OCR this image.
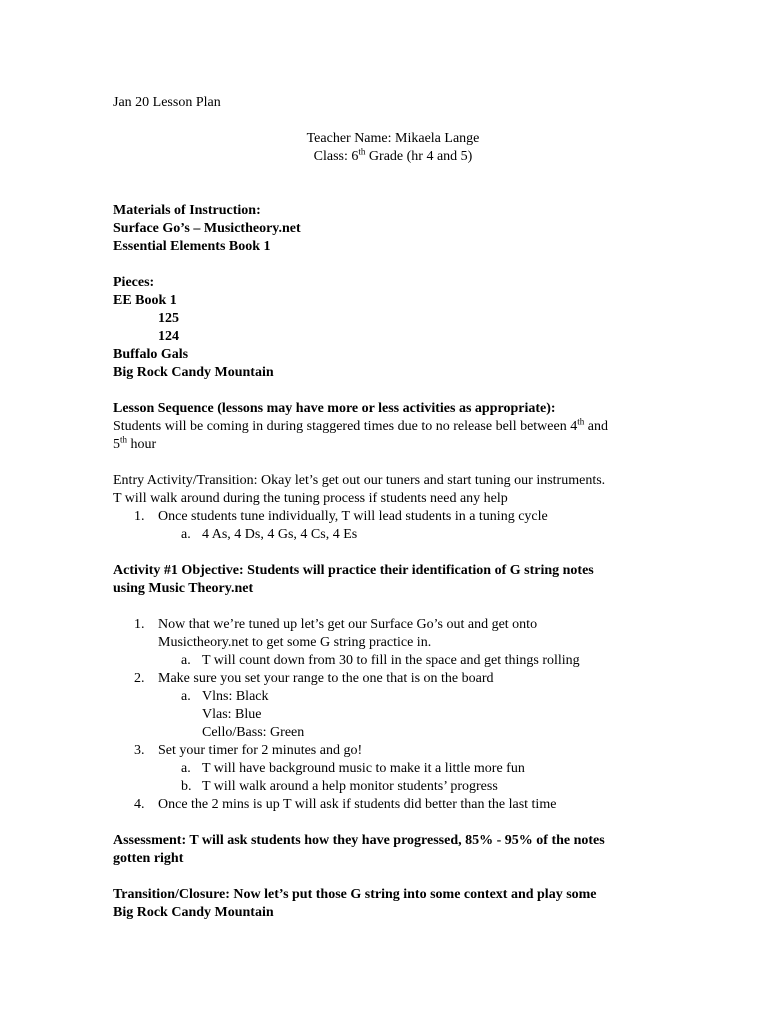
Jan 20 Lesson Plan
Teacher Name: Mikaela Lange
Class: 6th Grade (hr 4 and 5)
Materials of Instruction:
Surface Go’s – Musictheory.net
Essential Elements Book 1
Pieces:
EE Book 1
125
124
Buffalo Gals
Big Rock Candy Mountain
Lesson Sequence (lessons may have more or less activities as appropriate):
Students will be coming in during staggered times due to no release bell between 4th and
5th hour
Entry Activity/Transition: Okay let’s get out our tuners and start tuning our instruments.
T will walk around during the tuning process if students need any help
1. Once students tune individually, T will lead students in a tuning cycle
a. 4 As, 4 Ds, 4 Gs, 4 Cs, 4 Es
Activity #1 Objective: Students will practice their identification of G string notes
using Music Theory.net
1. Now that we’re tuned up let’s get our Surface Go’s out and get onto
Musictheory.net to get some G string practice in.
a. T will count down from 30 to fill in the space and get things rolling
2. Make sure you set your range to the one that is on the board
a. Vlns: Black
Vlas: Blue
Cello/Bass: Green
3. Set your timer for 2 minutes and go!
a. T will have background music to make it a little more fun
b. T will walk around a help monitor students’ progress
4. Once the 2 mins is up T will ask if students did better than the last time
Assessment: T will ask students how they have progressed, 85% - 95% of the notes
gotten right
Transition/Closure: Now let’s put those G string into some context and play some
Big Rock Candy Mountain
